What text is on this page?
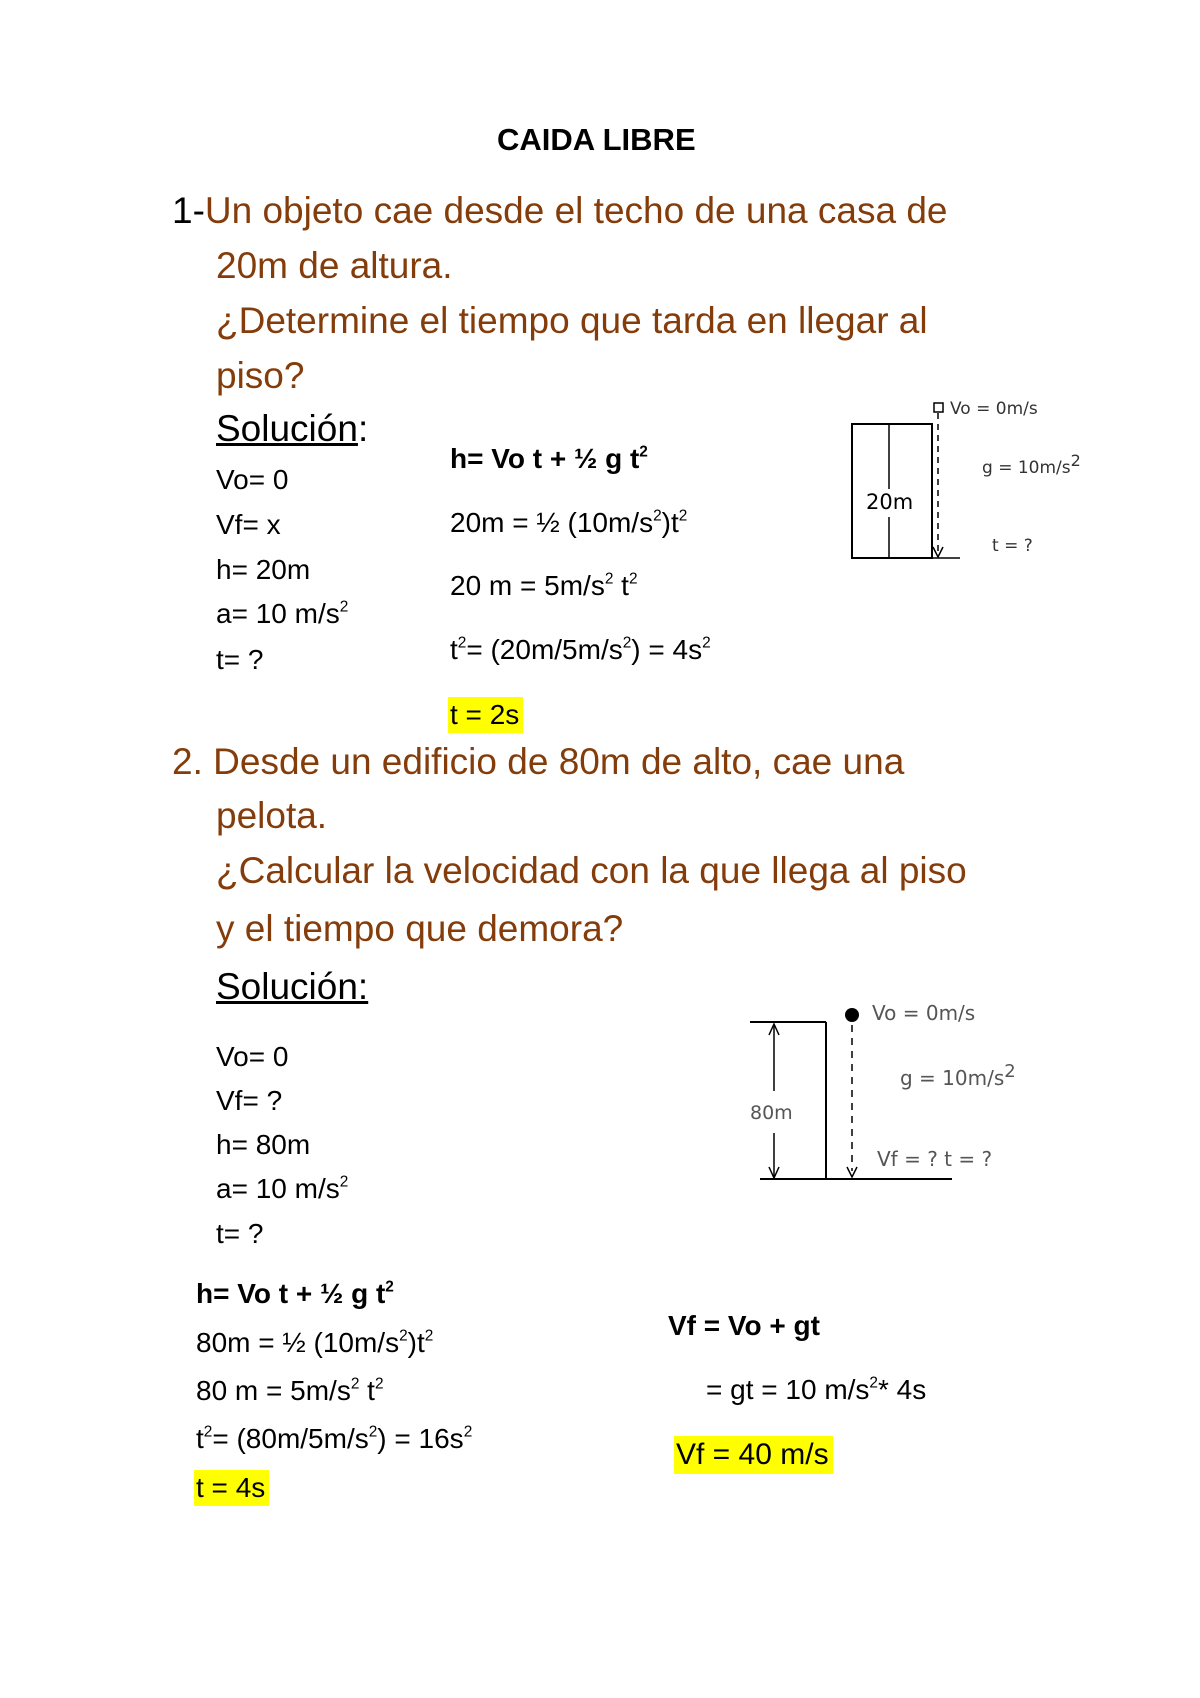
CAIDA LIBRE
1-Un objeto cae desde el techo de una casa de
20m de altura.
¿Determine el tiempo que tarda en llegar al
piso?
Solución:
Vo= 0
Vf= x
h= 20m
a= 10 $m/s^2$
t= ?
h= Vo t + ½ g $t^2$
20m = ½ $(10m/s^2)t^2$
20 $m = 5m/s^2$ $t^2$
$t^2= (20m/5m/s^2) = 4s^2$
t = 2s
20m
Vo = 0m/s
g = 10m/s2
t = ?
2. Desde un edificio de 80m de alto, cae una
pelota.
¿Calcular la velocidad con la que llega al piso
y el tiempo que demora?
Solución:
Vo= 0
Vf= ?
h= 80m
a= 10 $m/s^2$
t= ?
80m
Vo = 0m/s
g = 10m/s2
Vf = ? t = ?
h= Vo t + ½ g $t^2$
80m = ½ $(10m/s^2)t^2$
80 $m = 5m/s^2$ $t^2$
$t^2= (80m/5m/s^2) = 16s^2$
t = 4s
Vf = Vo + gt
= gt = 10 $m/s^2*$ 4s
Vf = 40 m/s
